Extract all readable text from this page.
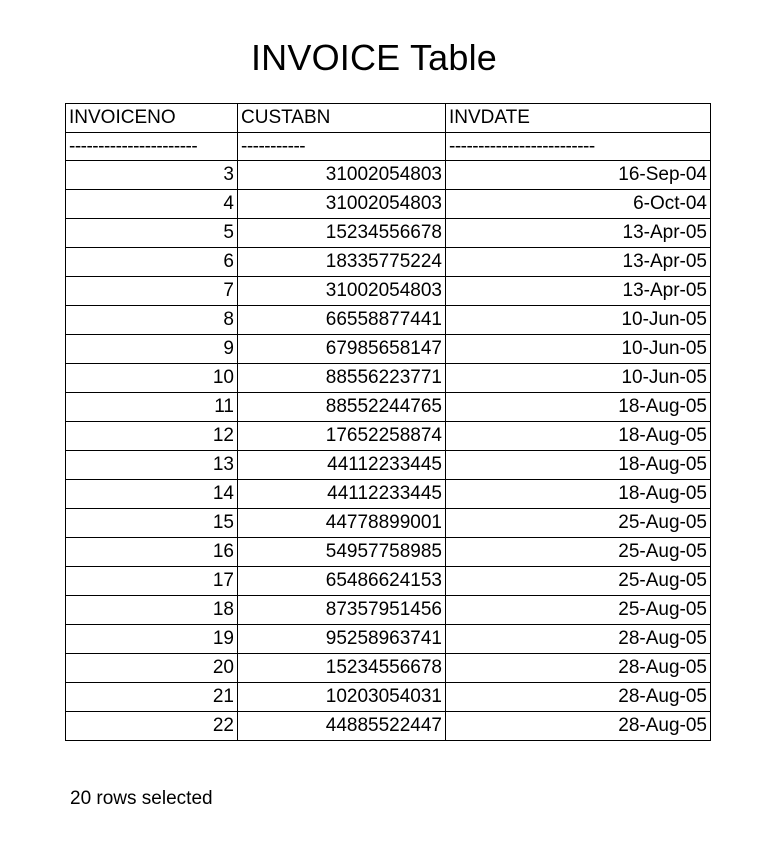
INVOICE Table
INVOICENO	CUSTABN	INVDATE
----------------------	-----------	-------------------------
3	31002054803	16-Sep-04
4	31002054803	6-Oct-04
5	15234556678	13-Apr-05
6	18335775224	13-Apr-05
7	31002054803	13-Apr-05
8	66558877441	10-Jun-05
9	67985658147	10-Jun-05
10	88556223771	10-Jun-05
11	88552244765	18-Aug-05
12	17652258874	18-Aug-05
13	44112233445	18-Aug-05
14	44112233445	18-Aug-05
15	44778899001	25-Aug-05
16	54957758985	25-Aug-05
17	65486624153	25-Aug-05
18	87357951456	25-Aug-05
19	95258963741	28-Aug-05
20	15234556678	28-Aug-05
21	10203054031	28-Aug-05
22	44885522447	28-Aug-05
20 rows selected
